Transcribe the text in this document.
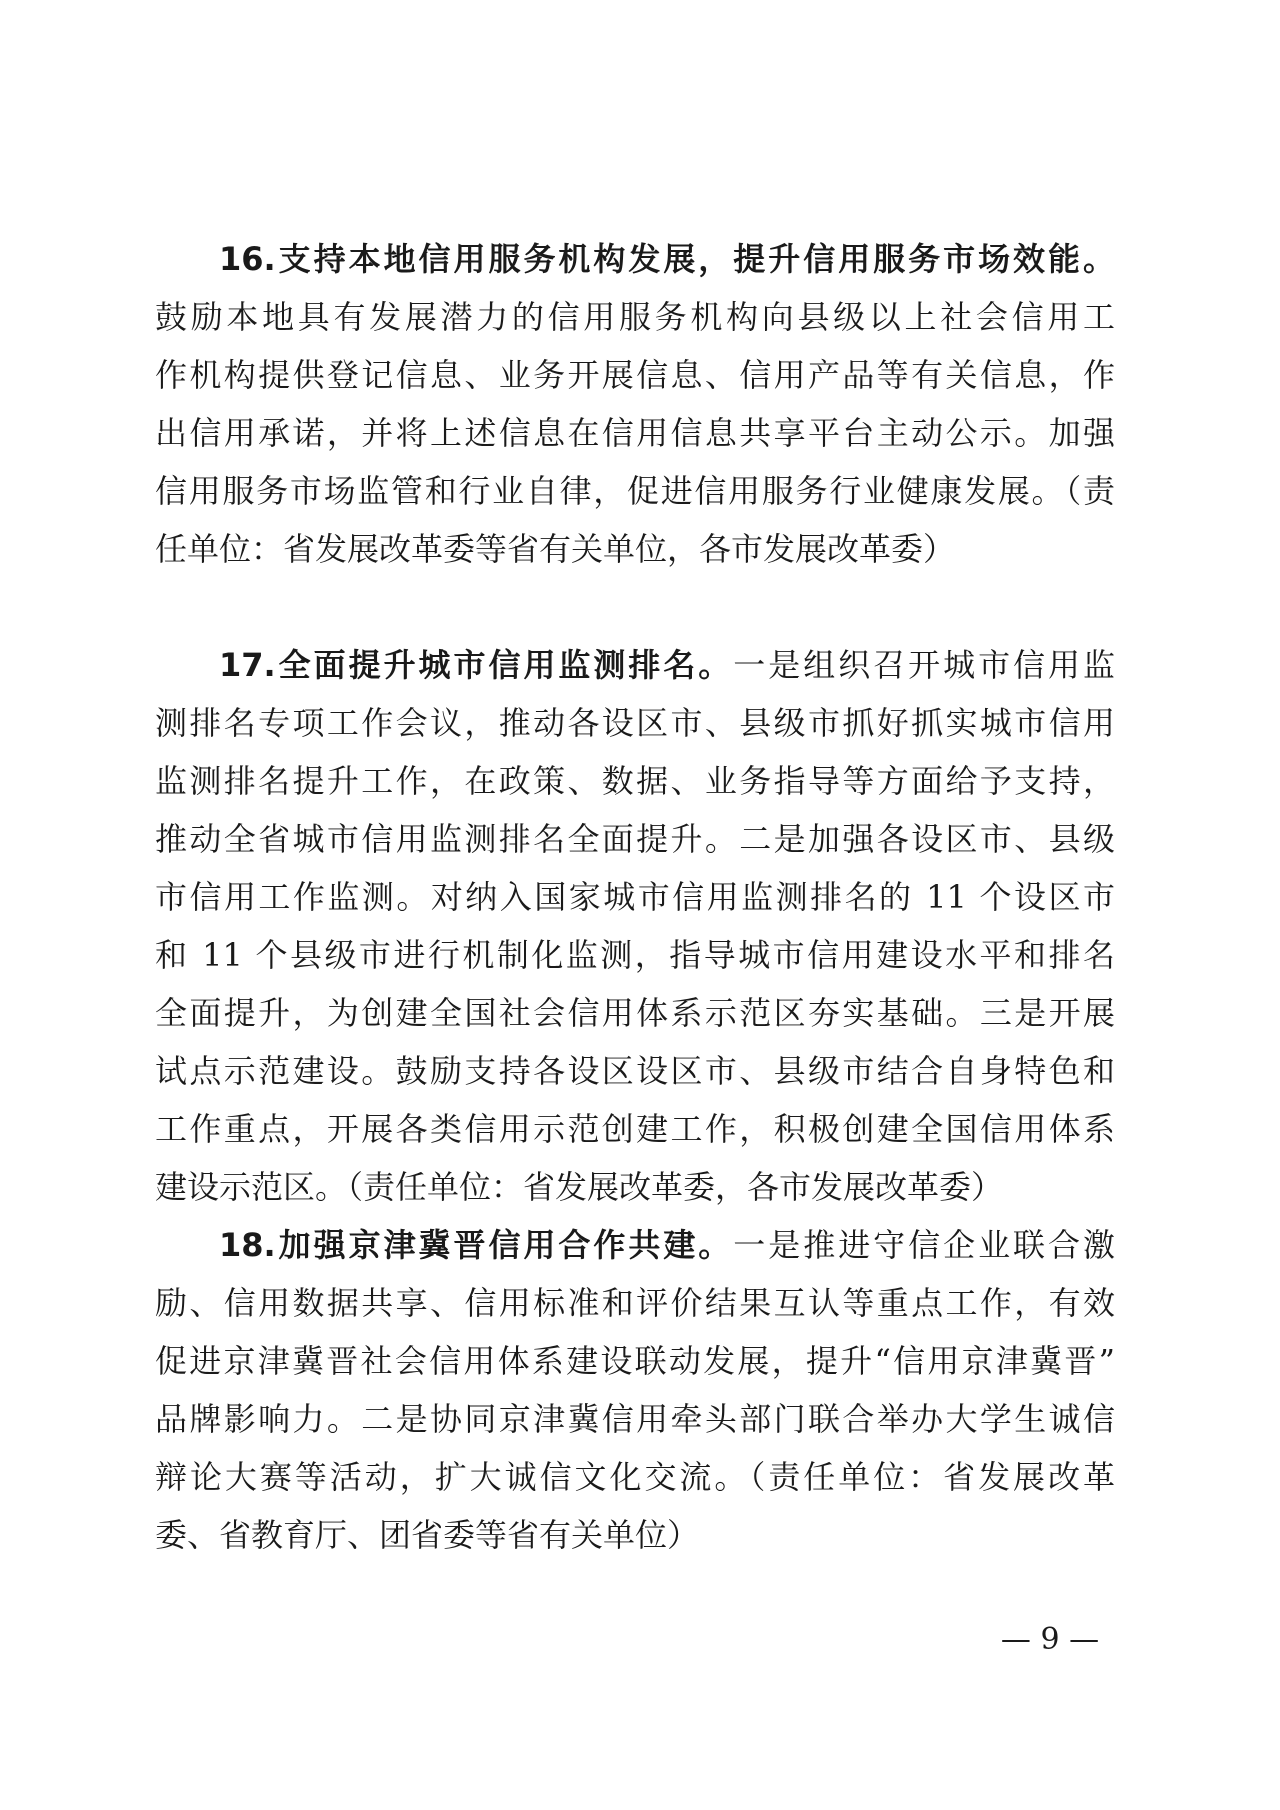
16.支持本地信用服务机构发展，提升信用服务市场效能。
鼓励本地具有发展潜力的信用服务机构向县级以上社会信用工
作机构提供登记信息、业务开展信息、信用产品等有关信息，作
出信用承诺，并将上述信息在信用信息共享平台主动公示。加强
信用服务市场监管和行业自律，促进信用服务行业健康发展。（责
任单位：省发展改革委等省有关单位，各市发展改革委）
17.全面提升城市信用监测排名。一是组织召开城市信用监
测排名专项工作会议，推动各设区市、县级市抓好抓实城市信用
监测排名提升工作，在政策、数据、业务指导等方面给予支持，
推动全省城市信用监测排名全面提升。二是加强各设区市、县级
市信用工作监测。对纳入国家城市信用监测排名的 11 个设区市
和 11 个县级市进行机制化监测，指导城市信用建设水平和排名
全面提升，为创建全国社会信用体系示范区夯实基础。三是开展
试点示范建设。鼓励支持各设区设区市、县级市结合自身特色和
工作重点，开展各类信用示范创建工作，积极创建全国信用体系
建设示范区。（责任单位：省发展改革委，各市发展改革委）
18.加强京津冀晋信用合作共建。一是推进守信企业联合激
励、信用数据共享、信用标准和评价结果互认等重点工作，有效
促进京津冀晋社会信用体系建设联动发展，提升“信用京津冀晋”
品牌影响力。二是协同京津冀信用牵头部门联合举办大学生诚信
辩论大赛等活动，扩大诚信文化交流。（责任单位：省发展改革
委、省教育厅、团省委等省有关单位）
— 9 —
